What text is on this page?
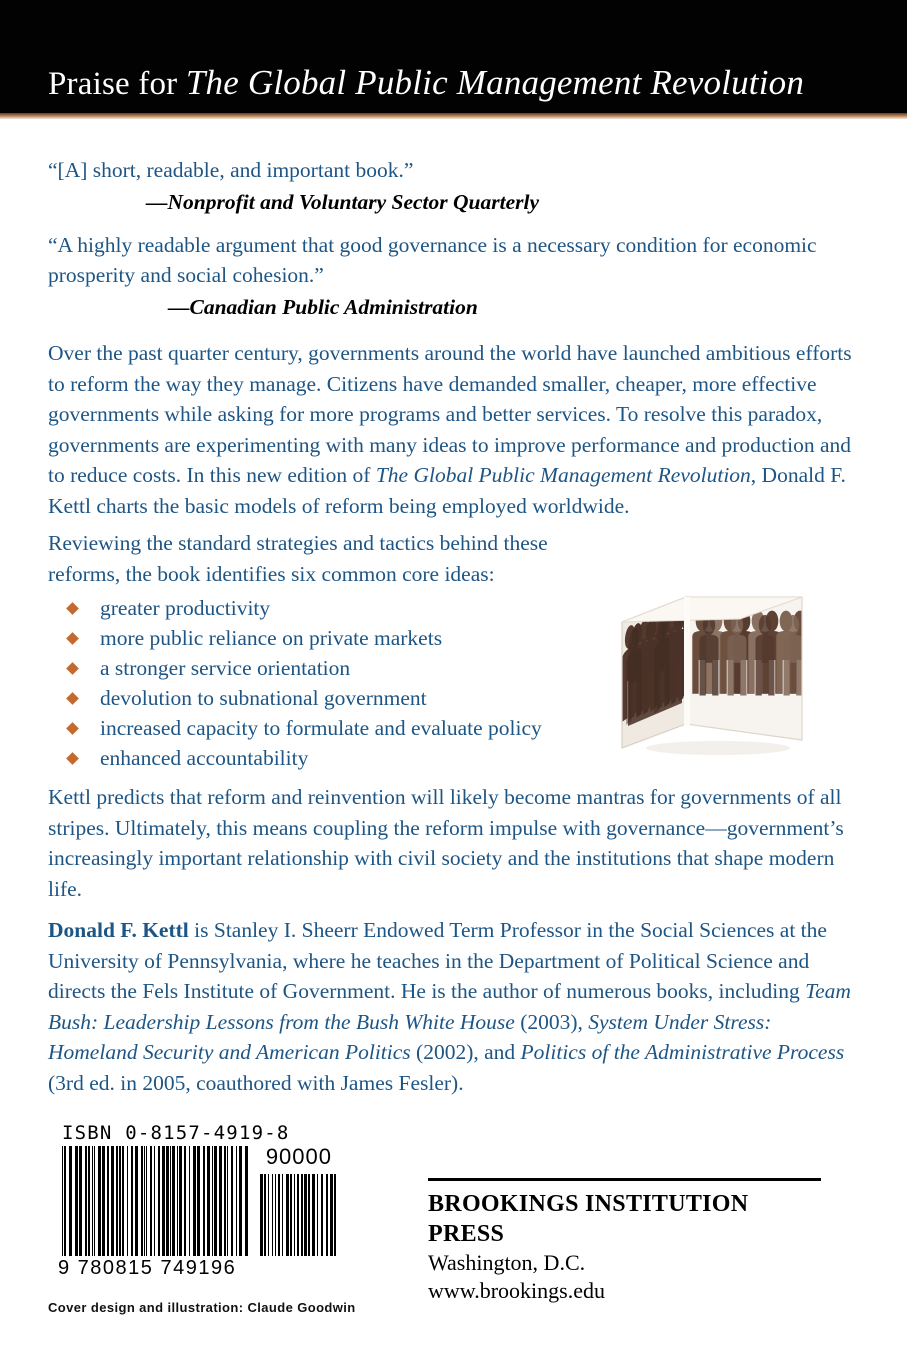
Praise for The Global Public Management Revolution

“[A] short, readable, and important book.”

—Nonprofit and Voluntary Sector Quarterly

“A highly readable argument that good governance is a necessary condition for economic prosperity and social cohesion.”

—Canadian Public Administration

Over the past quarter century, governments around the world have launched ambitious efforts to reform the way they manage. Citizens have demanded smaller, cheaper, more effective governments while asking for more programs and better services. To resolve this paradox, governments are experimenting with many ideas to improve performance and production and to reduce costs. In this new edition of The Global Public Management Revolution, Donald F. Kettl charts the basic models of reform being employed worldwide.

Reviewing the standard strategies and tactics behind these reforms, the book identifies six common core ideas:

greater productivity
more public reliance on private markets
a stronger service orientation
devolution to subnational government
increased capacity to formulate and evaluate policy
enhanced accountability

Kettl predicts that reform and reinvention will likely become mantras for governments of all stripes. Ultimately, this means coupling the reform impulse with governance—government’s increasingly important relationship with civil society and the institutions that shape modern life.

Donald F. Kettl is Stanley I. Sheerr Endowed Term Professor in the Social Sciences at the University of Pennsylvania, where he teaches in the Department of Political Science and directs the Fels Institute of Government. He is the author of numerous books, including Team Bush: Leadership Lessons from the Bush White House (2003), System Under Stress: Homeland Security and American Politics (2002), and Politics of the Administrative Process (3rd ed. in 2005, coauthored with James Fesler).

ISBN 0-8157-4919-8

90000

9 780815 749196

Cover design and illustration: Claude Goodwin
BROOKINGS INSTITUTION PRESS
Washington, D.C.
www.brookings.edu
